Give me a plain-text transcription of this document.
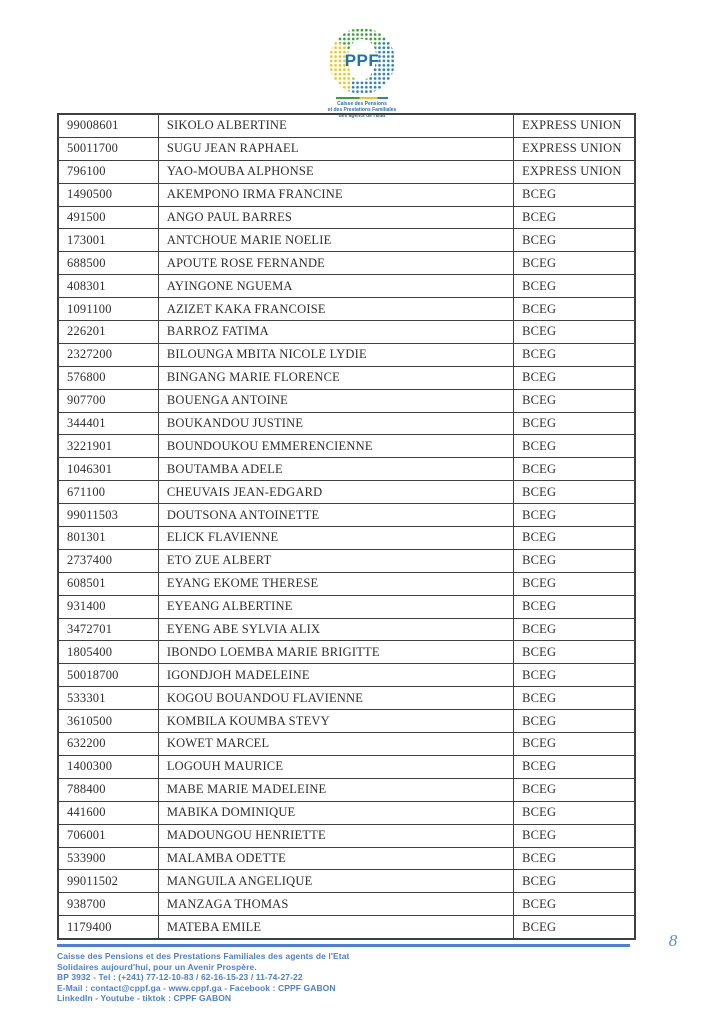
PPF
Caisse des Pensions
et des Prestations Familiales
des agents de l'Etat
99008601	SIKOLO ALBERTINE	EXPRESS UNION
50011700	SUGU JEAN RAPHAEL	EXPRESS UNION
796100	YAO-MOUBA ALPHONSE	EXPRESS UNION
1490500	AKEMPONO IRMA FRANCINE	BCEG
491500	ANGO PAUL BARRES	BCEG
173001	ANTCHOUE MARIE NOELIE	BCEG
688500	APOUTE ROSE FERNANDE	BCEG
408301	AYINGONE NGUEMA	BCEG
1091100	AZIZET KAKA FRANCOISE	BCEG
226201	BARROZ FATIMA	BCEG
2327200	BILOUNGA MBITA NICOLE LYDIE	BCEG
576800	BINGANG MARIE FLORENCE	BCEG
907700	BOUENGA ANTOINE	BCEG
344401	BOUKANDOU JUSTINE	BCEG
3221901	BOUNDOUKOU EMMERENCIENNE	BCEG
1046301	BOUTAMBA ADELE	BCEG
671100	CHEUVAIS JEAN-EDGARD	BCEG
99011503	DOUTSONA ANTOINETTE	BCEG
801301	ELICK FLAVIENNE	BCEG
2737400	ETO ZUE ALBERT	BCEG
608501	EYANG EKOME THERESE	BCEG
931400	EYEANG ALBERTINE	BCEG
3472701	EYENG ABE SYLVIA ALIX	BCEG
1805400	IBONDO LOEMBA MARIE BRIGITTE	BCEG
50018700	IGONDJOH MADELEINE	BCEG
533301	KOGOU BOUANDOU FLAVIENNE	BCEG
3610500	KOMBILA KOUMBA STEVY	BCEG
632200	KOWET MARCEL	BCEG
1400300	LOGOUH MAURICE	BCEG
788400	MABE MARIE MADELEINE	BCEG
441600	MABIKA DOMINIQUE	BCEG
706001	MADOUNGOU HENRIETTE	BCEG
533900	MALAMBA ODETTE	BCEG
99011502	MANGUILA ANGELIQUE	BCEG
938700	MANZAGA THOMAS	BCEG
1179400	MATEBA EMILE	BCEG
Caisse des Pensions et des Prestations Familiales des agents de l'Etat
Solidaires aujourd'hui, pour un Avenir Prospère.
BP 3932 - Tel : (+241) 77-12-10-83 / 62-16-15-23 / 11-74-27-22
E-Mail : contact@cppf.ga - www.cppf.ga - Facebook : CPPF GABON
LinkedIn - Youtube - tiktok : CPPF GABON
8
